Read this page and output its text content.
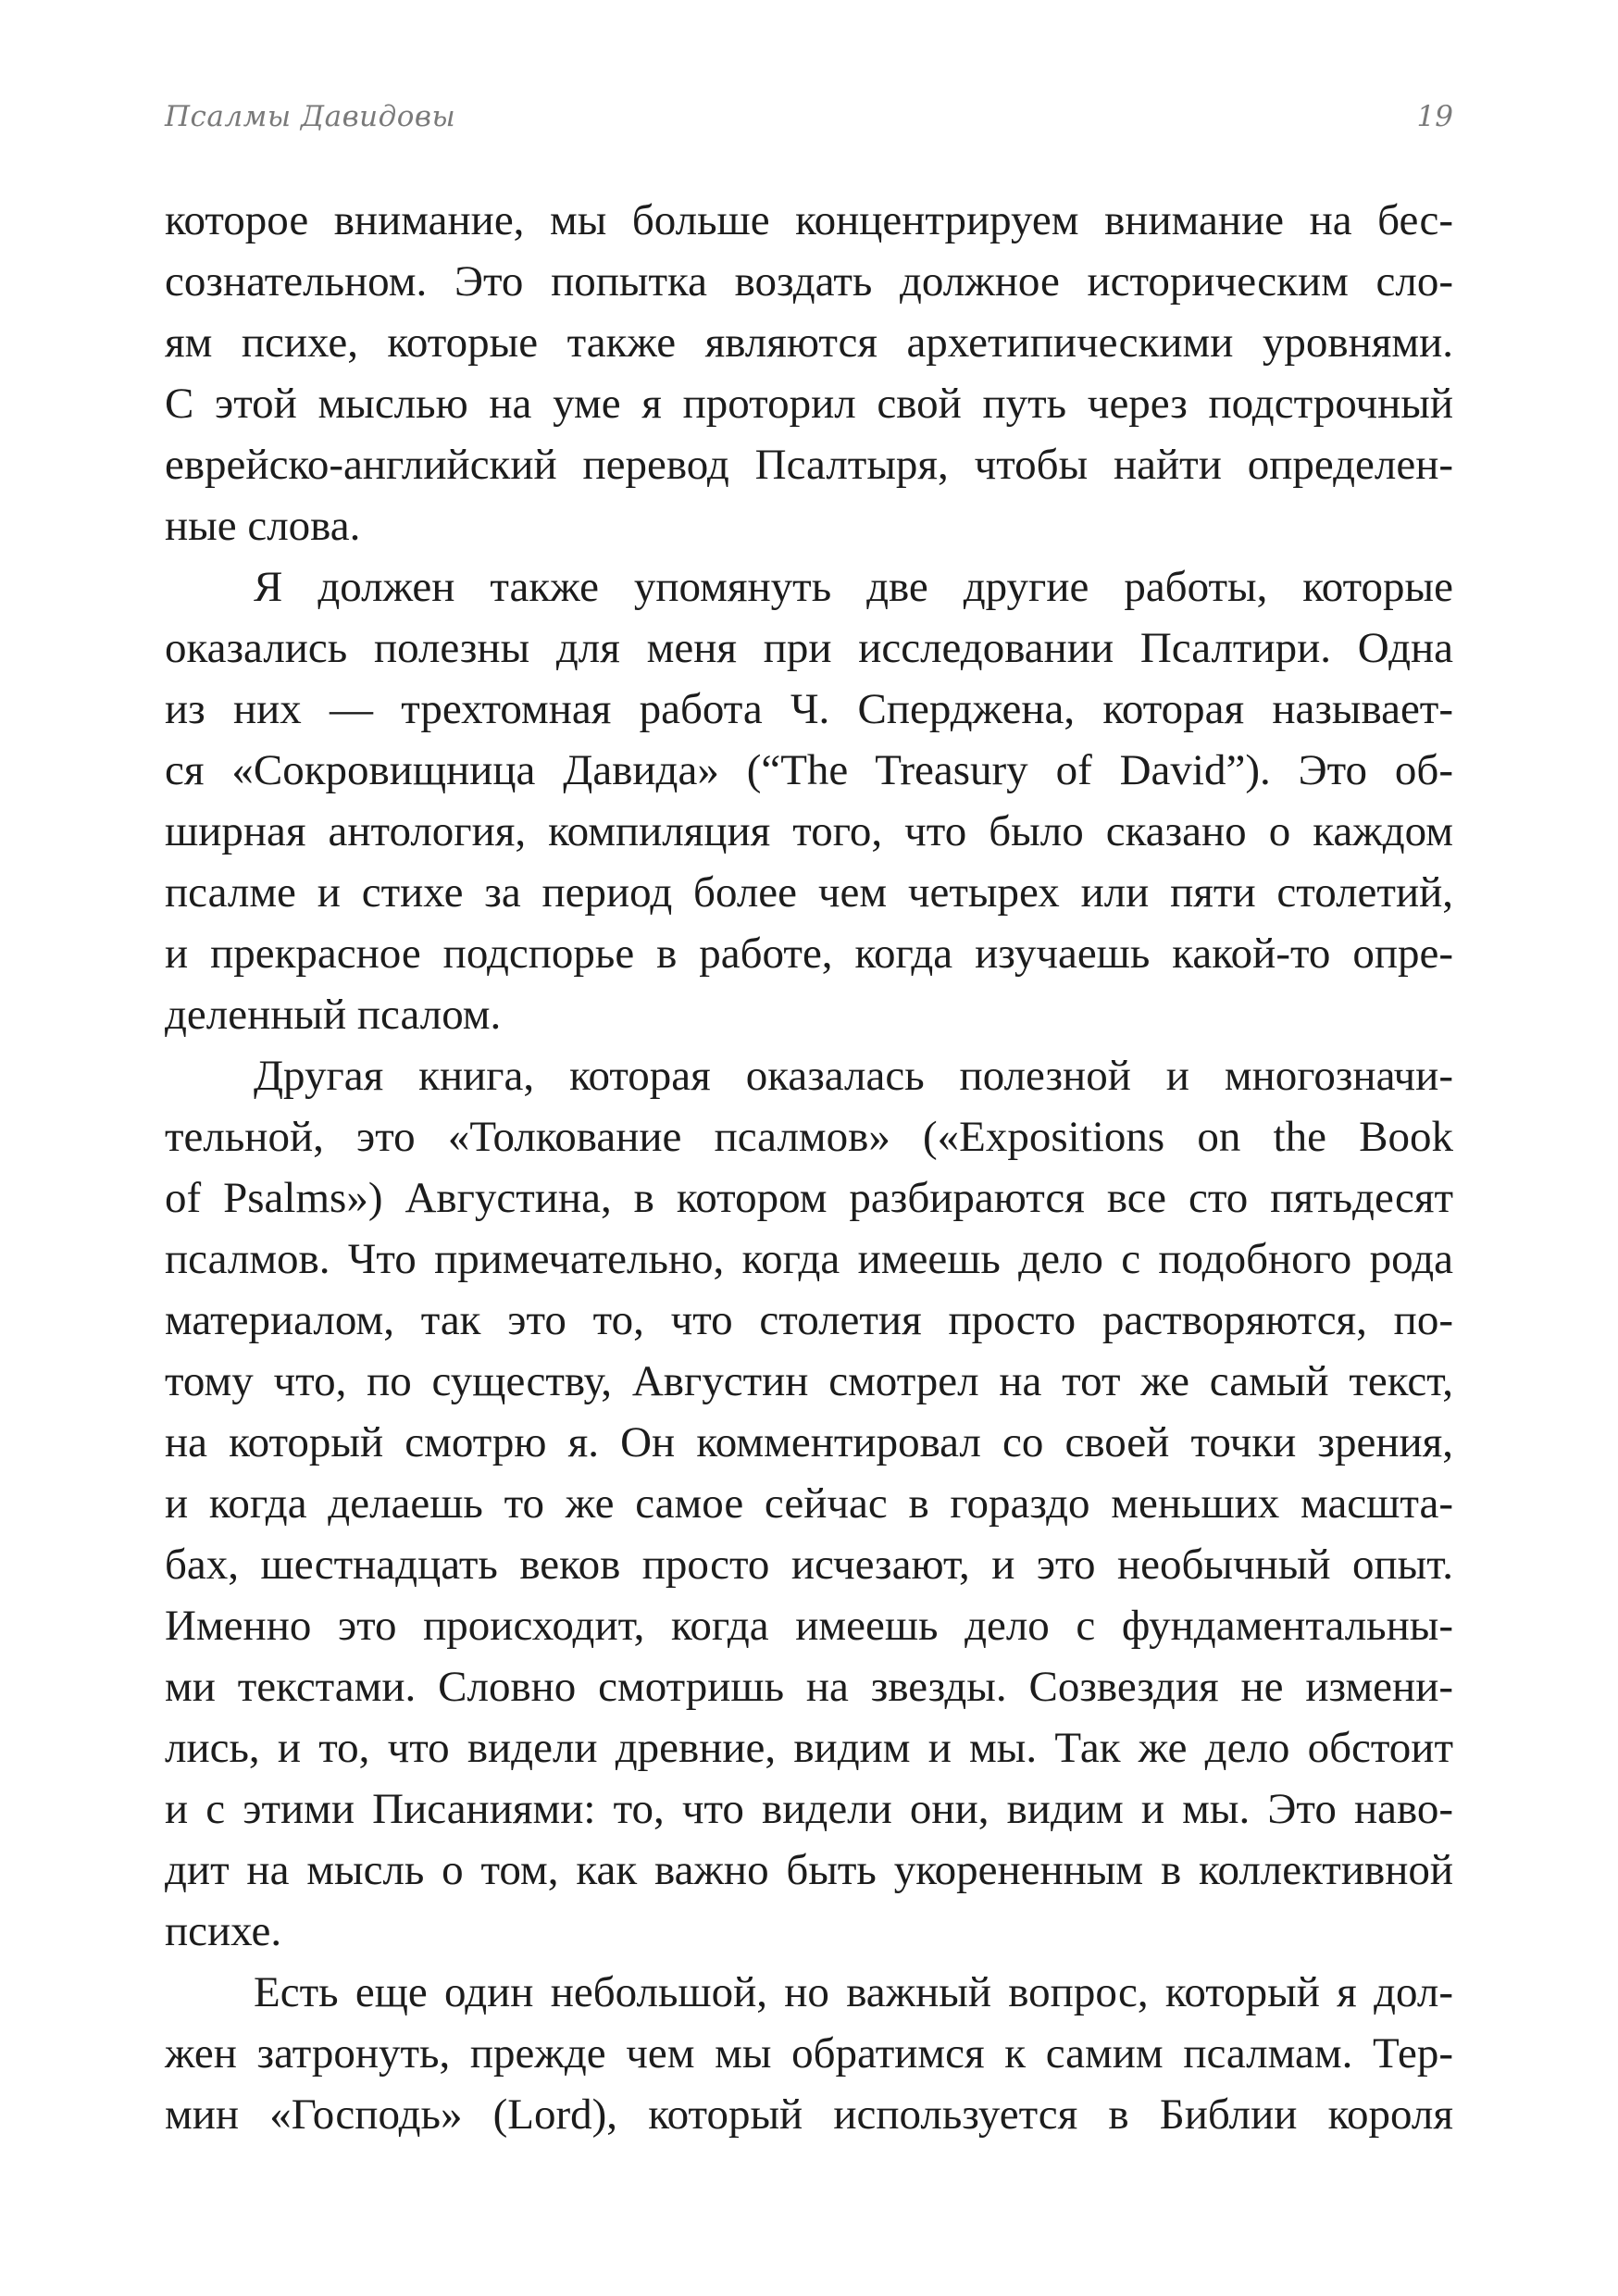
Псалмы Давидовы	19
которое внимание, мы больше концентрируем внимание на бес-
сознательном. Это попытка воздать должное историческим сло-
ям психе, которые также являются архетипическими уровнями.
С этой мыслью на уме я проторил свой путь через подстрочный
еврейско-английский перевод Псалтыря, чтобы найти определен-
ные слова.
Я должен также упомянуть две другие работы, которые
оказались полезны для меня при исследовании Псалтири. Одна
из них — трехтомная работа Ч. Сперджена, которая называет-
ся «Сокровищница Давида» (“The Treasury of David”). Это об-
ширная антология, компиляция того, что было сказано о каждом
псалме и стихе за период более чем четырех или пяти столетий,
и прекрасное подспорье в работе, когда изучаешь какой-то опре-
деленный псалом.
Другая книга, которая оказалась полезной и многозначи-
тельной, это «Толкование псалмов» («Expositions on the Book
of Psalms») Августина, в котором разбираются все сто пятьдесят
псалмов. Что примечательно, когда имеешь дело с подобного рода
материалом, так это то, что столетия просто растворяются, по-
тому что, по существу, Августин смотрел на тот же самый текст,
на который смотрю я. Он комментировал со своей точки зрения,
и когда делаешь то же самое сейчас в гораздо меньших масшта-
бах, шестнадцать веков просто исчезают, и это необычный опыт.
Именно это происходит, когда имеешь дело с фундаментальны-
ми текстами. Словно смотришь на звезды. Созвездия не измени-
лись, и то, что видели древние, видим и мы. Так же дело обстоит
и с этими Писаниями: то, что видели они, видим и мы. Это наво-
дит на мысль о том, как важно быть укорененным в коллективной
психе.
Есть еще один небольшой, но важный вопрос, который я дол-
жен затронуть, прежде чем мы обратимся к самим псалмам. Тер-
мин «Господь» (Lord), который используется в Библии короля
